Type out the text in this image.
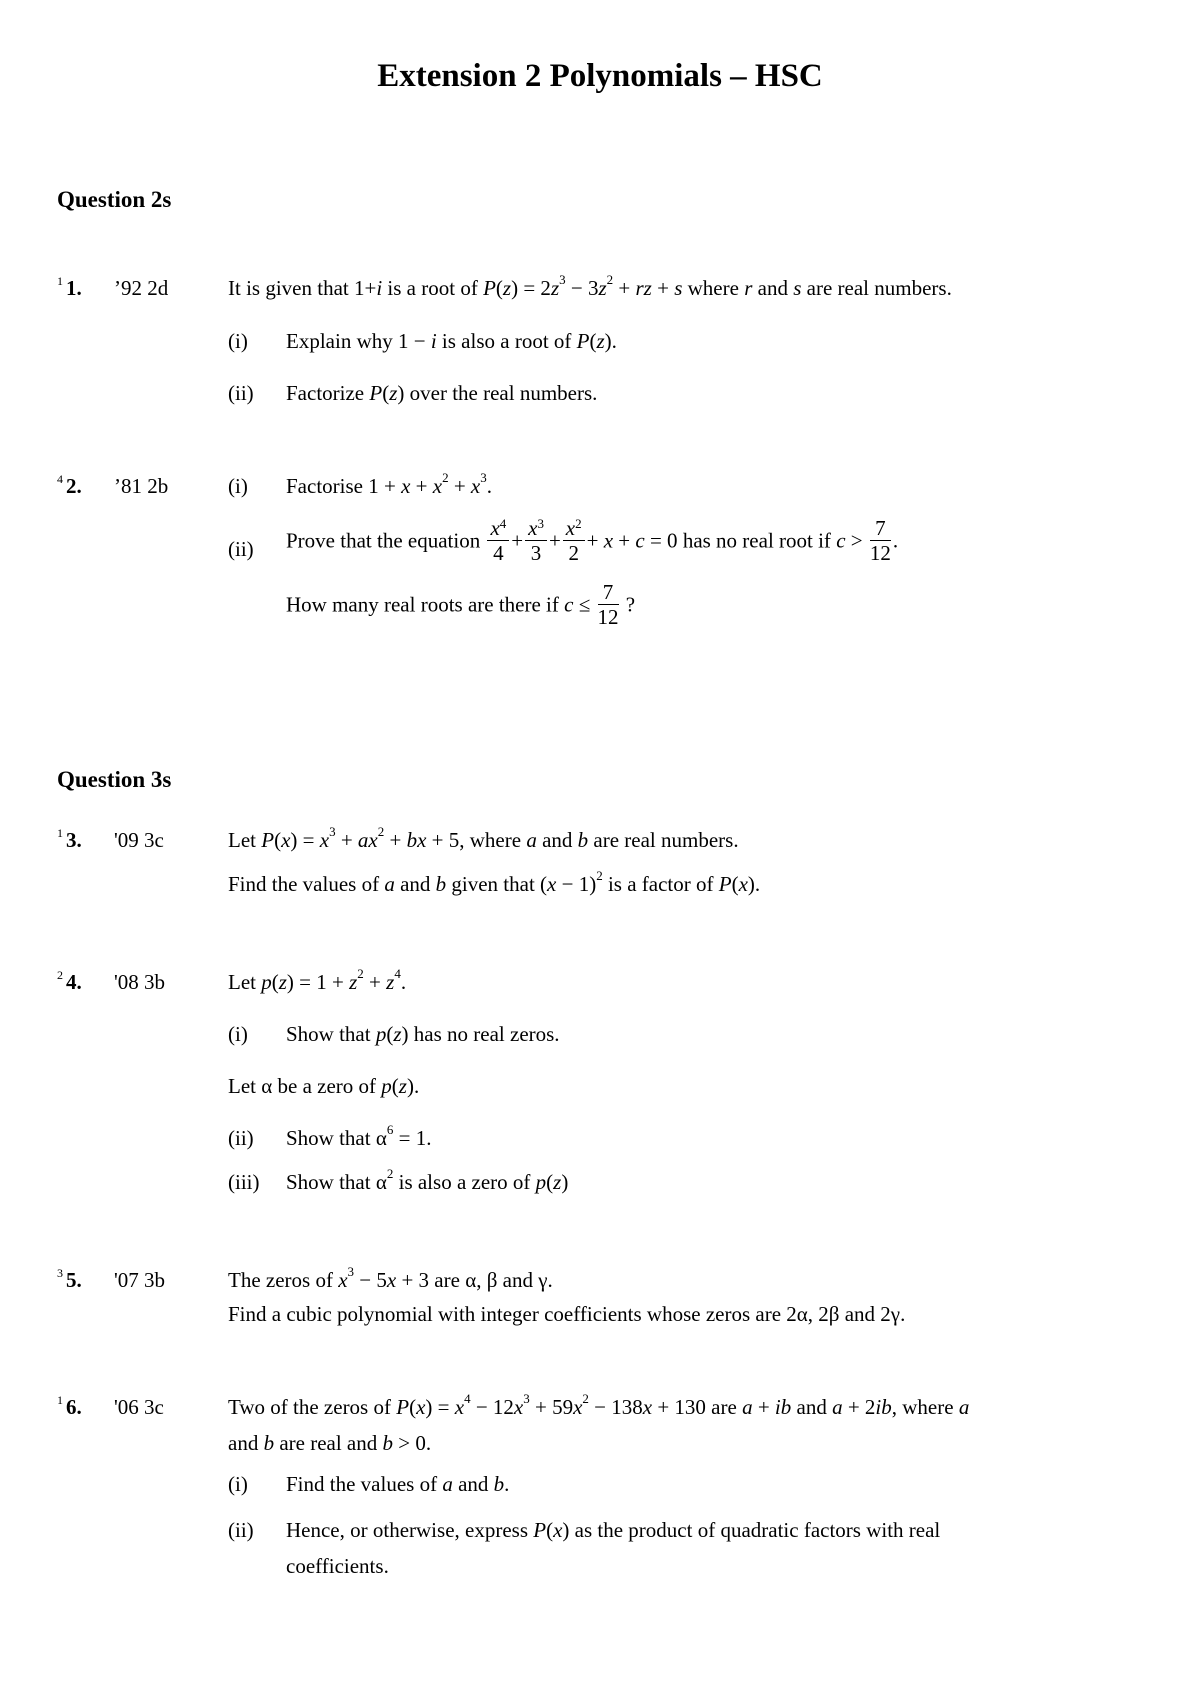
Extension 2 Polynomials – HSC
Question 2s
$^1$ 1. ’92 2d	It is given that 1+i is a root of $P(z) = 2z^3 - 3z^2$ + rz + s where r and s are real numbers.
(i) Explain why 1 − i is also a root of P(z).
(ii) Factorize P(z) over the real numbers.
$^4$ 2. ’81 2b	(i) Factorise $1 + x + x^2 + x^3$.
(ii) Prove that the equation $\frac{x^4}{4} + \frac{x^3}{3} + \frac{x^2}{2} + x + c = 0$ has no real root if $c > \frac{7}{12}$ .
How many real roots are there if $c \le \frac{7}{12}$ ?
Question 3s
$^1$ 3. '09 3c	Let $P(x) = x^3 + ax^2$ + bx + 5, where a and b are real numbers.
Find the values of a and b given that $(x - 1)^2$ is a factor of P(x).
$^2$ 4. '08 3b	Let $p(z) = 1 + z^2 + z^4$.
(i) Show that p(z) has no real zeros.
Let α be a zero of p(z).
(ii) Show that $\alpha^6 = 1$.
(iii) Show that $\alpha^2$ is also a zero of p(z)
$^3$ 5. '07 3b	The zeros of $x^3 - 5x + 3$ are α, β and γ.
Find a cubic polynomial with integer coefficients whose zeros are 2α, 2β and 2γ.
$^1$ 6. '06 3c	Two of the zeros of $P(x) = x^4 - 12x^3 + 59x^2 - 138x + 130$ are a + ib and a + 2ib, where a
and b are real and b > 0.
(i) Find the values of a and b.
(ii) Hence, or otherwise, express P(x) as the product of quadratic factors with real
coefficients.
